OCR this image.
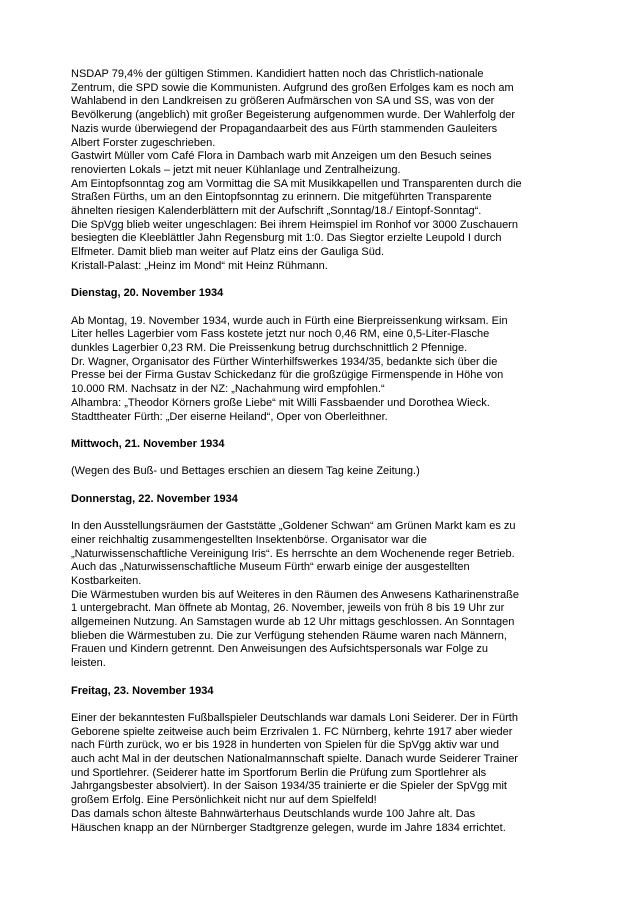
NSDAP 79,4% der gültigen Stimmen. Kandidiert hatten noch das Christlich-nationale
Zentrum, die SPD sowie die Kommunisten. Aufgrund des großen Erfolges kam es noch am
Wahlabend in den Landkreisen zu größeren Aufmärschen von SA und SS, was von der
Bevölkerung (angeblich) mit großer Begeisterung aufgenommen wurde. Der Wahlerfolg der
Nazis wurde überwiegend der Propagandaarbeit des aus Fürth stammenden Gauleiters
Albert Forster zugeschrieben.
Gastwirt Müller vom Café Flora in Dambach warb mit Anzeigen um den Besuch seines
renovierten Lokals – jetzt mit neuer Kühlanlage und Zentralheizung.
Am Eintopfsonntag zog am Vormittag die SA mit Musikkapellen und Transparenten durch die
Straßen Fürths, um an den Eintopfsonntag zu erinnern. Die mitgeführten Transparente
ähnelten riesigen Kalenderblättern mit der Aufschrift „Sonntag/18./ Eintopf-Sonntag“.
Die SpVgg blieb weiter ungeschlagen: Bei ihrem Heimspiel im Ronhof vor 3000 Zuschauern
besiegten die Kleeblättler Jahn Regensburg mit 1:0. Das Siegtor erzielte Leupold I durch
Elfmeter. Damit blieb man weiter auf Platz eins der Gauliga Süd.
Kristall-Palast: „Heinz im Mond“ mit Heinz Rühmann.
Dienstag, 20. November 1934
Ab Montag, 19. November 1934, wurde auch in Fürth eine Bierpreissenkung wirksam. Ein
Liter helles Lagerbier vom Fass kostete jetzt nur noch 0,46 RM, eine 0,5-Liter-Flasche
dunkles Lagerbier 0,23 RM. Die Preissenkung betrug durchschnittlich 2 Pfennige.
Dr. Wagner, Organisator des Fürther Winterhilfswerkes 1934/35, bedankte sich über die
Presse bei der Firma Gustav Schickedanz für die großzügige Firmenspende in Höhe von
10.000 RM. Nachsatz in der NZ: „Nachahmung wird empfohlen.“
Alhambra: „Theodor Körners große Liebe“ mit Willi Fassbaender und Dorothea Wieck.
Stadttheater Fürth: „Der eiserne Heiland“, Oper von Oberleithner.
Mittwoch, 21. November 1934
(Wegen des Buß- und Bettages erschien an diesem Tag keine Zeitung.)
Donnerstag, 22. November 1934
In den Ausstellungsräumen der Gaststätte „Goldener Schwan“ am Grünen Markt kam es zu
einer reichhaltig zusammengestellten Insektenbörse. Organisator war die
„Naturwissenschaftliche Vereinigung Iris“. Es herrschte an dem Wochenende reger Betrieb.
Auch das „Naturwissenschaftliche Museum Fürth“ erwarb einige der ausgestellten
Kostbarkeiten.
Die Wärmestuben wurden bis auf Weiteres in den Räumen des Anwesens Katharinenstraße
1 untergebracht. Man öffnete ab Montag, 26. November, jeweils von früh 8 bis 19 Uhr zur
allgemeinen Nutzung. An Samstagen wurde ab 12 Uhr mittags geschlossen. An Sonntagen
blieben die Wärmestuben zu. Die zur Verfügung stehenden Räume waren nach Männern,
Frauen und Kindern getrennt. Den Anweisungen des Aufsichtspersonals war Folge zu
leisten.
Freitag, 23. November 1934
Einer der bekanntesten Fußballspieler Deutschlands war damals Loni Seiderer. Der in Fürth
Geborene spielte zeitweise auch beim Erzrivalen 1. FC Nürnberg, kehrte 1917 aber wieder
nach Fürth zurück, wo er bis 1928 in hunderten von Spielen für die SpVgg aktiv war und
auch acht Mal in der deutschen Nationalmannschaft spielte. Danach wurde Seiderer Trainer
und Sportlehrer. (Seiderer hatte im Sportforum Berlin die Prüfung zum Sportlehrer als
Jahrgangsbester absolviert). In der Saison 1934/35 trainierte er die Spieler der SpVgg mit
großem Erfolg. Eine Persönlichkeit nicht nur auf dem Spielfeld!
Das damals schon älteste Bahnwärterhaus Deutschlands wurde 100 Jahre alt. Das
Häuschen knapp an der Nürnberger Stadtgrenze gelegen, wurde im Jahre 1834 errichtet.
